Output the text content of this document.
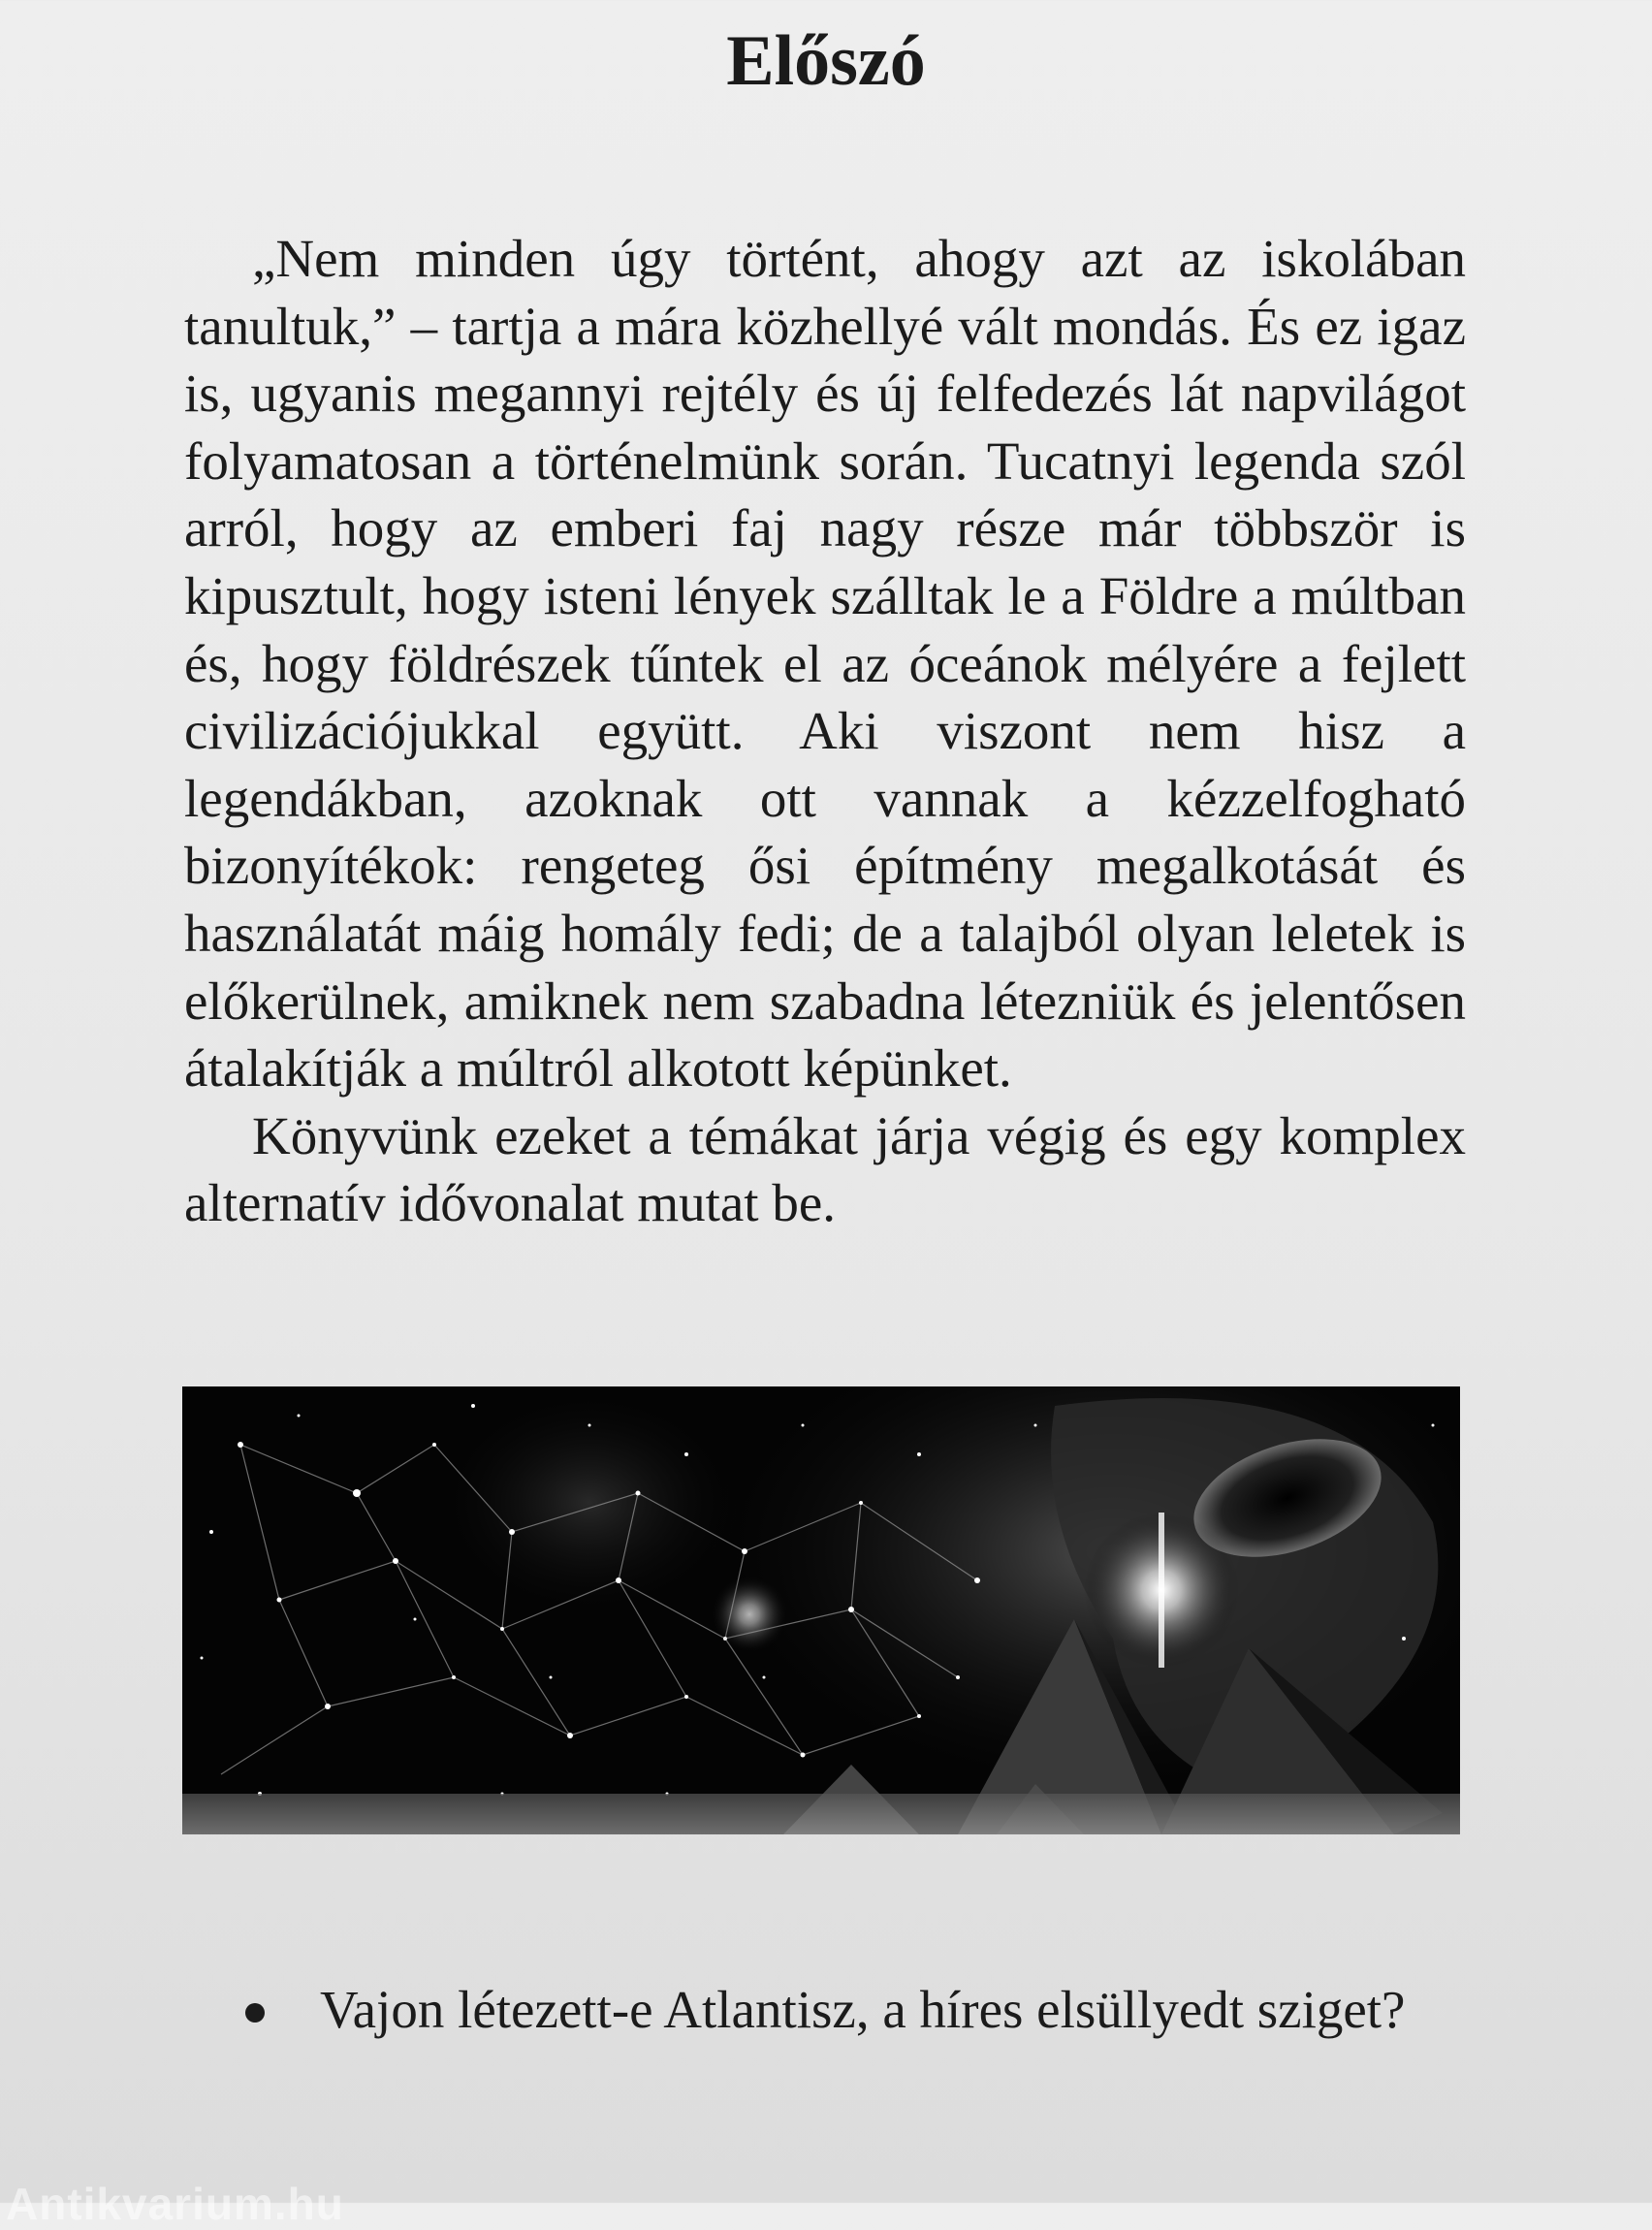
Előszó

„Nem minden úgy történt, ahogy azt az iskolában tanultuk,” – tartja a mára közhellyé vált mondás. És ez igaz is, ugyanis megannyi rejtély és új felfedezés lát napvilágot folyamatosan a történelmünk során. Tucatnyi legenda szól arról, hogy az emberi faj nagy része már többször is kipusztult, hogy isteni lények szálltak le a Földre a múltban és, hogy földrészek tűntek el az óceánok mélyére a fejlett civilizációjukkal együtt. Aki viszont nem hisz a legendákban, azoknak ott vannak a kézzelfogható bizonyítékok: rengeteg ősi építmény megalkotását és használatát máig homály fedi; de a talajból olyan leletek is előkerülnek, amiknek nem szabadna létezniük és jelentősen átalakítják a múltról alkotott képünket.

Könyvünk ezeket a témákat járja végig és egy komplex alternatív idővonalat mutat be.

Vajon létezett-e Atlantisz, a híres elsüllyedt sziget?
Antikvarium.hu
